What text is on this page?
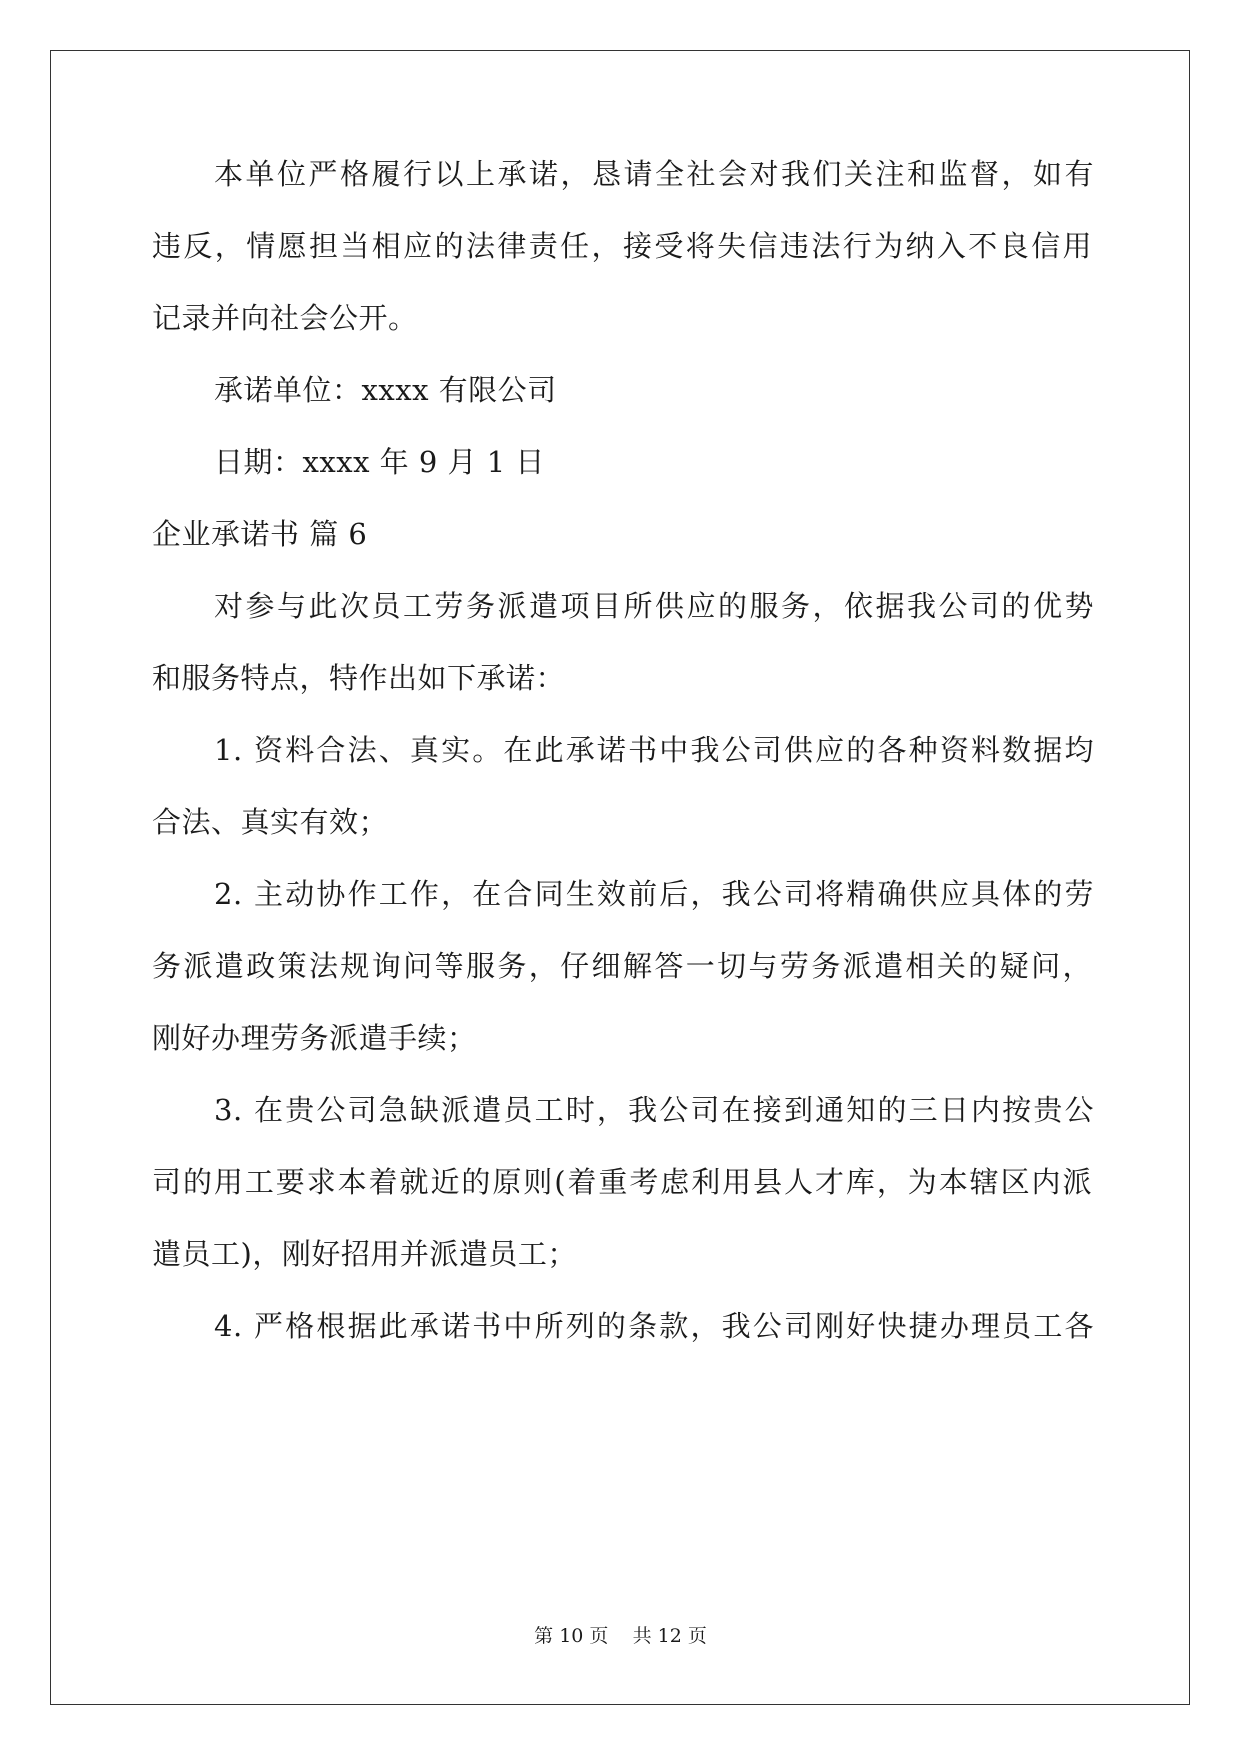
本单位严格履行以上承诺，恳请全社会对我们关注和监督，如有
违反，情愿担当相应的法律责任，接受将失信违法行为纳入不良信用
记录并向社会公开。
承诺单位：xxxx 有限公司
日期：xxxx 年 9 月 1 日
企业承诺书 篇 6
对参与此次员工劳务派遣项目所供应的服务，依据我公司的优势
和服务特点，特作出如下承诺：
1. 资料合法、真实。在此承诺书中我公司供应的各种资料数据均
合法、真实有效；
2. 主动协作工作，在合同生效前后，我公司将精确供应具体的劳
务派遣政策法规询问等服务，仔细解答一切与劳务派遣相关的疑问，
刚好办理劳务派遣手续；
3. 在贵公司急缺派遣员工时，我公司在接到通知的三日内按贵公
司的用工要求本着就近的原则(着重考虑利用县人才库，为本辖区内派
遣员工)，刚好招用并派遣员工；
4. 严格根据此承诺书中所列的条款，我公司刚好快捷办理员工各
第 10 页    共 12 页
